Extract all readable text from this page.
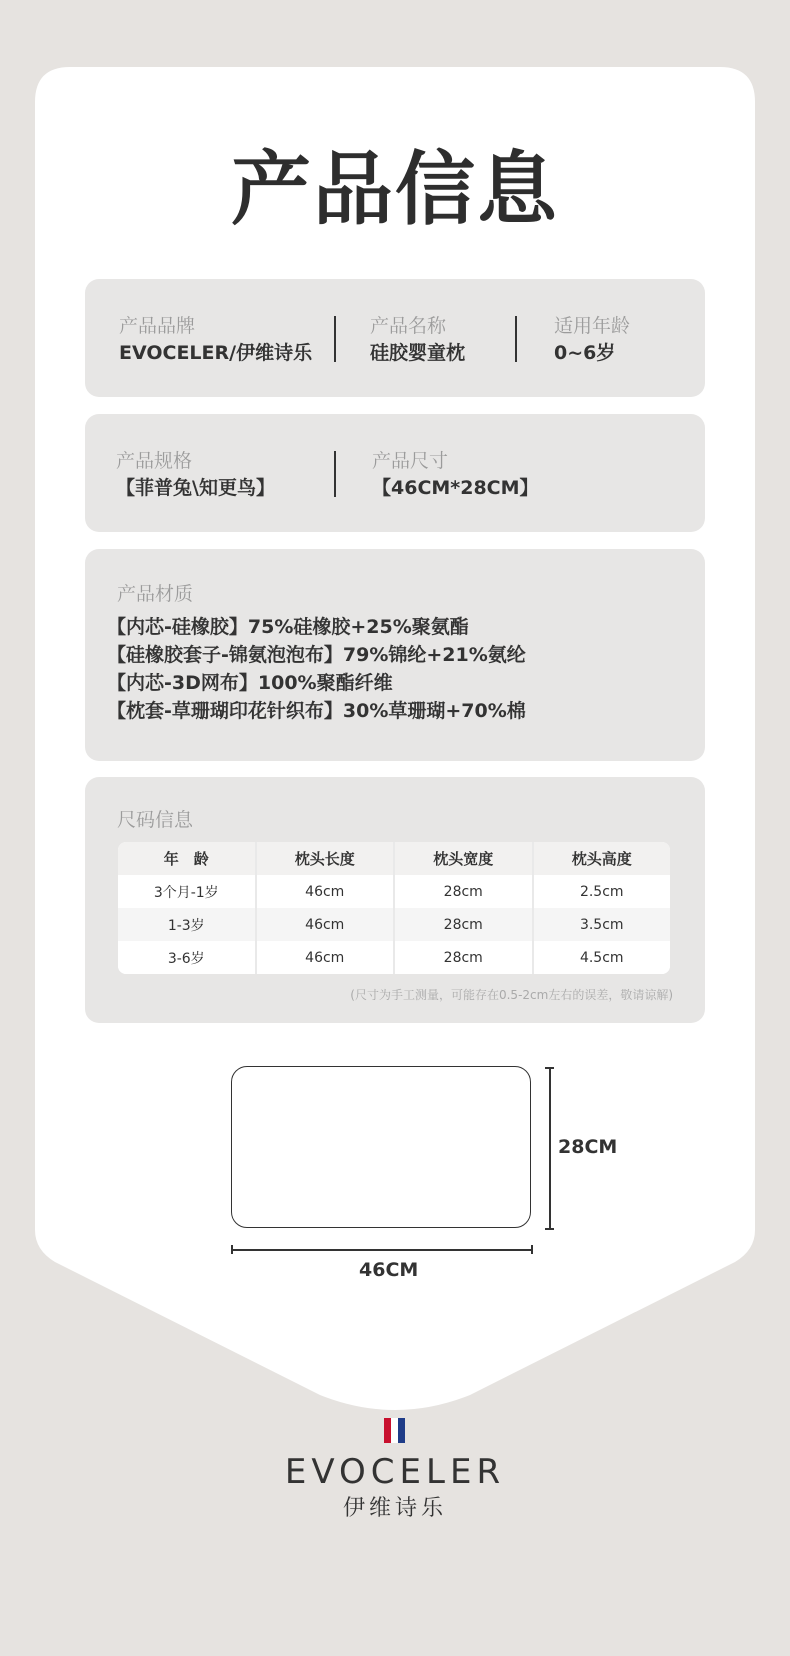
产品信息
产品品牌
EVOCELER/伊维诗乐
产品名称
硅胶婴童枕
适用年龄
0~6岁
产品规格
【菲普兔\知更鸟】
产品尺寸
【46CM*28CM】
产品材质
【内芯-硅橡胶】75%硅橡胶+25%聚氨酯
【硅橡胶套子-锦氨泡泡布】79%锦纶+21%氨纶
【内芯-3D网布】100%聚酯纤维
【枕套-草珊瑚印花针织布】30%草珊瑚+70%棉
尺码信息
年　龄	枕头长度	枕头宽度	枕头高度
3个月-1岁	46cm	28cm	2.5cm
1-3岁	46cm	28cm	3.5cm
3-6岁	46cm	28cm	4.5cm
(尺寸为手工测量，可能存在0.5-2cm左右的误差，敬请谅解)
28CM
46CM
EVOCELER
伊维诗乐
